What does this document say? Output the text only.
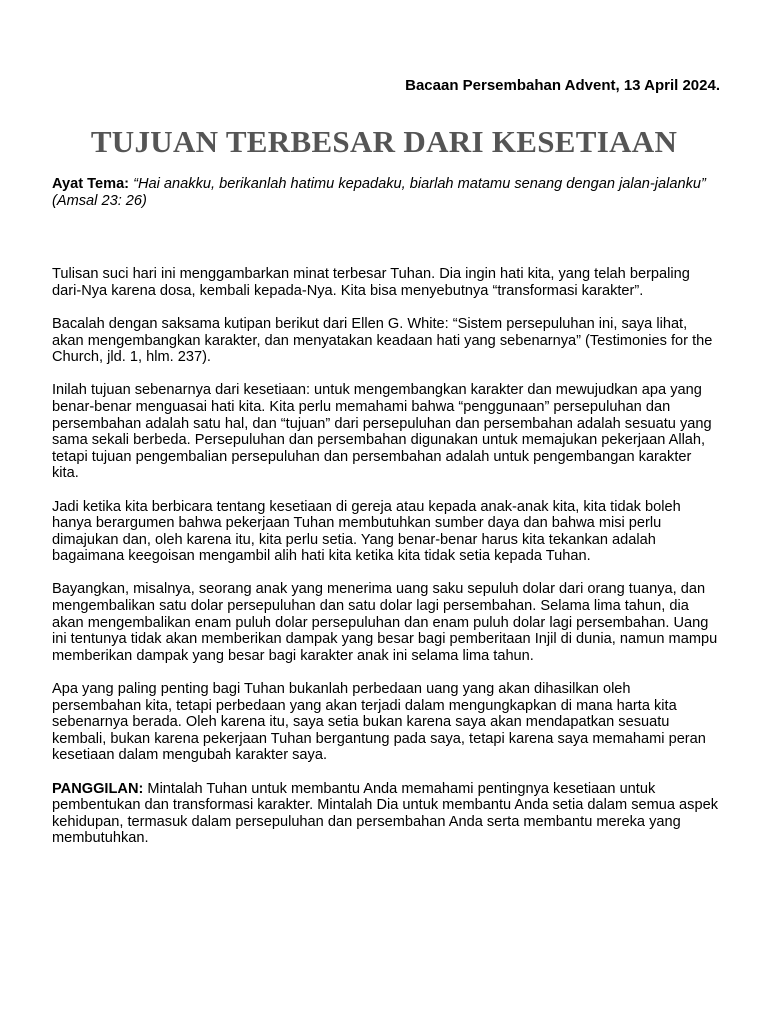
Bacaan Persembahan Advent, 13 April 2024.

TUJUAN TERBESAR DARI KESETIAAN

Ayat Tema: “Hai anakku, berikanlah hatimu kepadaku, biarlah matamu senang dengan jalan-jalanku” (Amsal 23: 26)

Tulisan suci hari ini menggambarkan minat terbesar Tuhan. Dia ingin hati kita, yang telah berpaling dari-Nya karena dosa, kembali kepada-Nya. Kita bisa menyebutnya “transformasi karakter”.

Bacalah dengan saksama kutipan berikut dari Ellen G. White: “Sistem persepuluhan ini, saya lihat, akan mengembangkan karakter, dan menyatakan keadaan hati yang sebenarnya” (Testimonies for the Church, jld. 1, hlm. 237).

Inilah tujuan sebenarnya dari kesetiaan: untuk mengembangkan karakter dan mewujudkan apa yang benar-benar menguasai hati kita. Kita perlu memahami bahwa “penggunaan” persepuluhan dan persembahan adalah satu hal, dan “tujuan” dari persepuluhan dan persembahan adalah sesuatu yang sama sekali berbeda. Persepuluhan dan persembahan digunakan untuk memajukan pekerjaan Allah, tetapi tujuan pengembalian persepuluhan dan persembahan adalah untuk pengembangan karakter kita.

Jadi ketika kita berbicara tentang kesetiaan di gereja atau kepada anak-anak kita, kita tidak boleh hanya berargumen bahwa pekerjaan Tuhan membutuhkan sumber daya dan bahwa misi perlu dimajukan dan, oleh karena itu, kita perlu setia. Yang benar-benar harus kita tekankan adalah bagaimana keegoisan mengambil alih hati kita ketika kita tidak setia kepada Tuhan.

Bayangkan, misalnya, seorang anak yang menerima uang saku sepuluh dolar dari orang tuanya, dan mengembalikan satu dolar persepuluhan dan satu dolar lagi persembahan. Selama lima tahun, dia akan mengembalikan enam puluh dolar persepuluhan dan enam puluh dolar lagi persembahan. Uang ini tentunya tidak akan memberikan dampak yang besar bagi pemberitaan Injil di dunia, namun mampu memberikan dampak yang besar bagi karakter anak ini selama lima tahun.

Apa yang paling penting bagi Tuhan bukanlah perbedaan uang yang akan dihasilkan oleh persembahan kita, tetapi perbedaan yang akan terjadi dalam mengungkapkan di mana harta kita sebenarnya berada. Oleh karena itu, saya setia bukan karena saya akan mendapatkan sesuatu kembali, bukan karena pekerjaan Tuhan bergantung pada saya, tetapi karena saya memahami peran kesetiaan dalam mengubah karakter saya.

PANGGILAN: Mintalah Tuhan untuk membantu Anda memahami pentingnya kesetiaan untuk pembentukan dan transformasi karakter. Mintalah Dia untuk membantu Anda setia dalam semua aspek kehidupan, termasuk dalam persepuluhan dan persembahan Anda serta membantu mereka yang membutuhkan.
